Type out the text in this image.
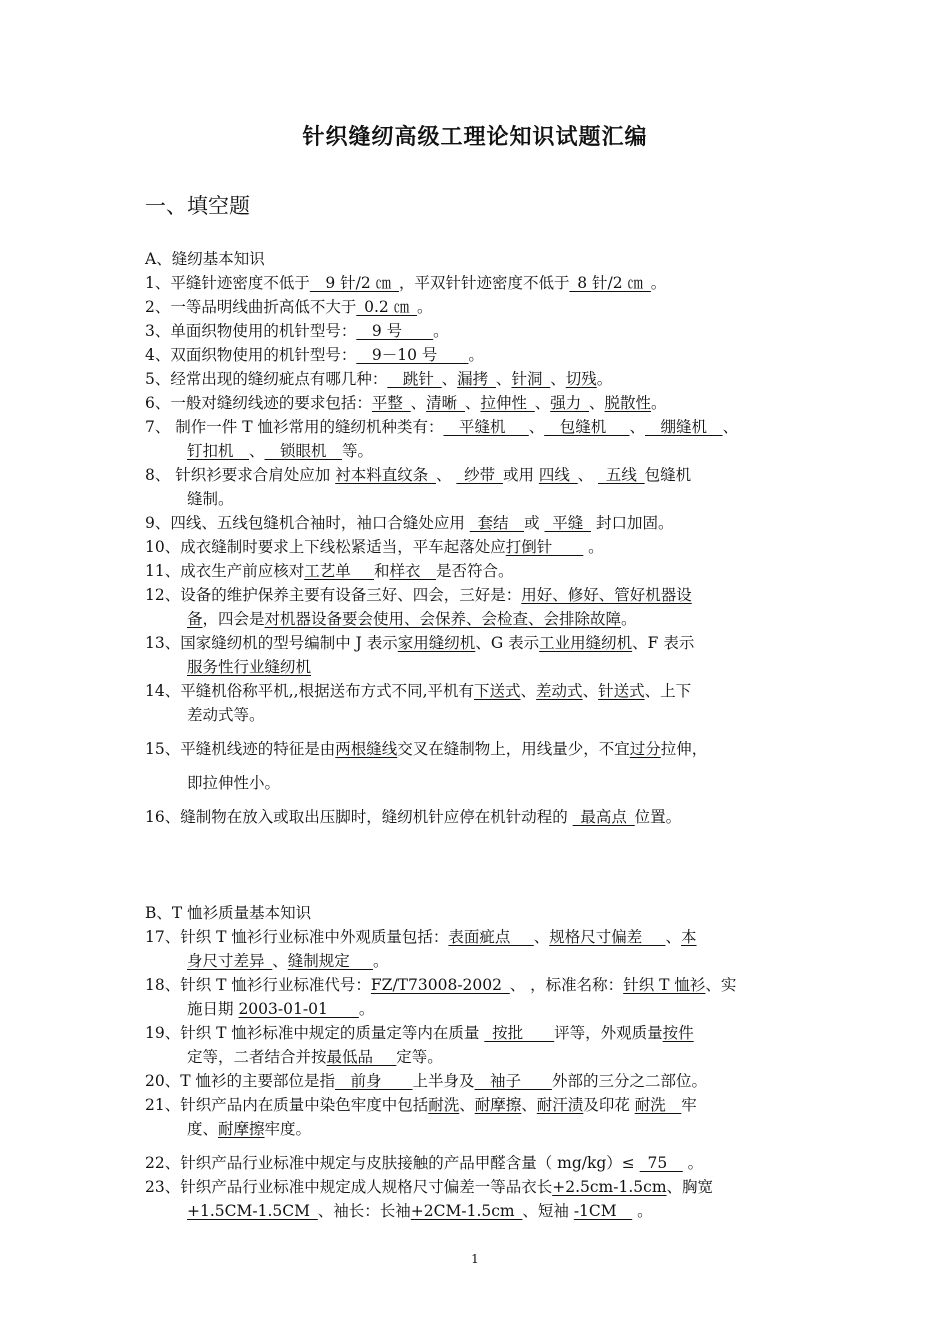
针织缝纫高级工理论知识试题汇编
一、填空题
A、缝纫基本知识
1、平缝针迹密度不低于__9 针/2 ㎝_，平双针针迹密度不低于_8 针/2 ㎝_。
2、一等品明线曲折高低不大于_0.2 ㎝_。
3、单面织物使用的机针型号：__9 号____。
4、双面织物使用的机针型号：__9－10 号____。
5、经常出现的缝纫疵点有哪几种：__跳针_、漏拷_、针洞_、切残。
6、一般对缝纫线迹的要求包括：平整_、清晰_、拉伸性_、强力_、脱散性。
7、 制作一件 T 恤衫常用的缝纫机种类有：__平缝机___、__包缝机___、__绷缝机__、
钉扣机__、__锁眼机__等。
8、 针织衫要求合肩处应加 衬本料直纹条_、 _纱带_或用 四线_、 _五线_包缝机
缝制。
9、四线、五线包缝机合袖时，袖口合缝处应用 _套结__或 _平缝_ 封口加固。
10、成衣缝制时要求上下线松紧适当，平车起落处应打倒针____ 。
11、成衣生产前应核对工艺单___和样衣__是否符合。
12、设备的维护保养主要有设备三好、四会，三好是：用好、修好、管好机器设
备，四会是对机器设备要会使用、会保养、会检查、会排除故障。
13、国家缝纫机的型号编制中 J 表示家用缝纫机、G 表示工业用缝纫机、F 表示
服务性行业缝纫机
14、平缝机俗称平机,,根据送布方式不同,平机有下送式、差动式、针送式、上下
差动式等。
15、平缝机线迹的特征是由两根缝线交叉在缝制物上，用线量少，不宜过分拉伸，
即拉伸性小。
16、缝制物在放入或取出压脚时，缝纫机针应停在机针动程的 _最高点_位置。
B、T 恤衫质量基本知识
17、针织 T 恤衫行业标准中外观质量包括：表面疵点___、规格尺寸偏差___、本
身尺寸差异_、缝制规定___。
18、针织 T 恤衫行业标准代号：FZ/T73008-2002_、 ，标准名称：针织 T 恤衫、实
施日期 2003-01-01____。
19、针织 T 恤衫标准中规定的质量定等内在质量 _按批____评等，外观质量按件
定等，二者结合并按最低品___定等。
20、T 恤衫的主要部位是指__前身____上半身及__袖子____外部的三分之二部位。
21、针织产品内在质量中染色牢度中包括耐洗、耐摩擦、耐汗渍及印花 耐洗__牢
度、耐摩擦牢度。
22、针织产品行业标准中规定与皮肤接触的产品甲醛含量（ mg/kg）≤ _75__ 。
23、针织产品行业标准中规定成人规格尺寸偏差一等品衣长+2.5cm-1.5cm、胸宽
+1.5CM-1.5CM_、袖长：长袖+2CM-1.5cm_、短袖 -1CM__ 。
1
